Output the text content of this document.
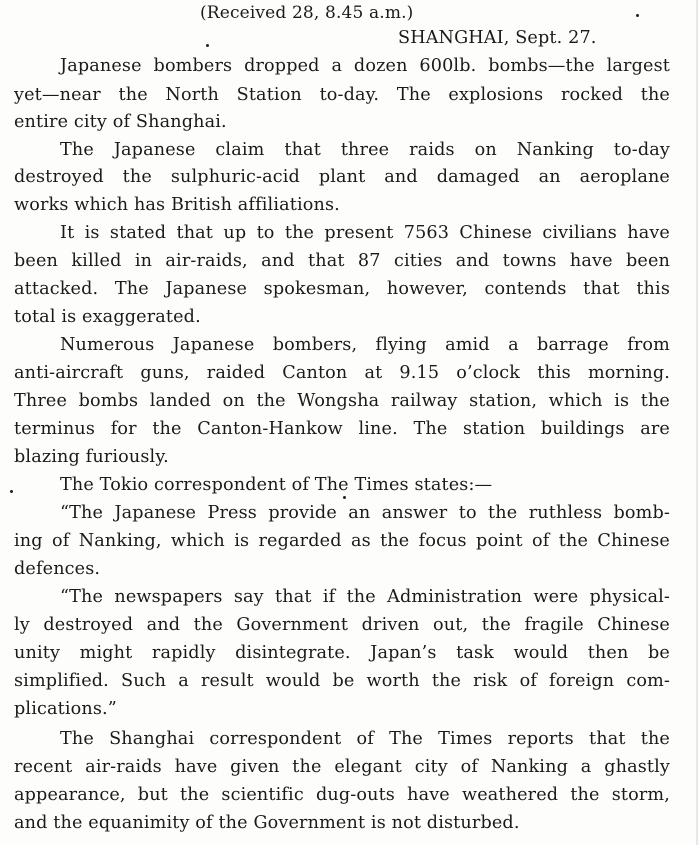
(Received 28, 8.45 a.m.)
SHANGHAI, Sept. 27.
Japanese bombers dropped a dozen 600lb. bombs—the largest
yet—near the North Station to-day. The explosions rocked the
entire city of Shanghai.
The Japanese claim that three raids on Nanking to-day
destroyed the sulphuric-acid plant and damaged an aeroplane
works which has British affiliations.
It is stated that up to the present 7563 Chinese civilians have
been killed in air-raids, and that 87 cities and towns have been
attacked. The Japanese spokesman, however, contends that this
total is exaggerated.
Numerous Japanese bombers, flying amid a barrage from
anti-aircraft guns, raided Canton at 9.15 o’clock this morning.
Three bombs landed on the Wongsha railway station, which is the
terminus for the Canton-Hankow line. The station buildings are
blazing furiously.
The Tokio correspondent of The Times states:—
“The Japanese Press provide an answer to the ruthless bomb-
ing of Nanking, which is regarded as the focus point of the Chinese
defences.
“The newspapers say that if the Administration were physical-
ly destroyed and the Government driven out, the fragile Chinese
unity might rapidly disintegrate. Japan’s task would then be
simplified. Such a result would be worth the risk of foreign com-
plications.”
The Shanghai correspondent of The Times reports that the
recent air-raids have given the elegant city of Nanking a ghastly
appearance, but the scientific dug-outs have weathered the storm,
and the equanimity of the Government is not disturbed.
